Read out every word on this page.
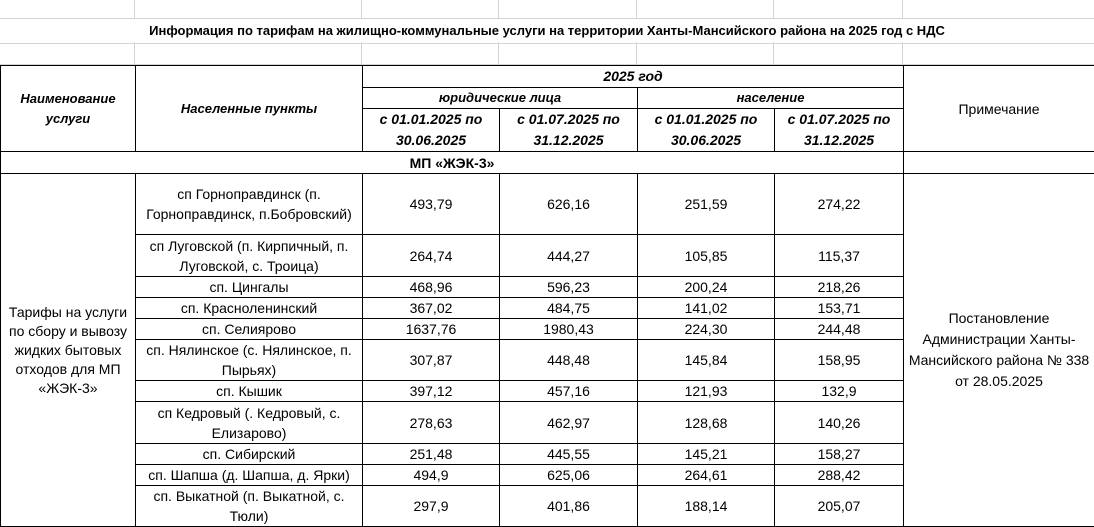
Информация по тарифам на жилищно-коммунальные услуги на территории Ханты-Мансийского района на 2025 год с НДС
Наименование услуги	Населенные пункты	2025 год				Примечание
		юридические лица		население		
		с 01.01.2025 по 30.06.2025	с 01.07.2025 по 31.12.2025	с 01.01.2025 по 30.06.2025	с 01.07.2025 по 31.12.2025	
МП «ЖЭК-3»						
Тарифы на услуги по сбору и вывозу жидких бытовых отходов для МП «ЖЭК-3»	сп Горноправдинск (п. Горноправдинск, п.Бобровский)	493,79	626,16	251,59	274,22	Постановление Администрации Ханты-Мансийского района № 338 от 28.05.2025
	сп Луговской (п. Кирпичный, п. Луговской, с. Троица)	264,74	444,27	105,85	115,37	
	сп. Цингалы	468,96	596,23	200,24	218,26	
	сп. Красноленинский	367,02	484,75	141,02	153,71	
	сп. Селиярово	1637,76	1980,43	224,30	244,48	
	сп. Нялинское (с. Нялинское, п. Пырьях)	307,87	448,48	145,84	158,95	
	сп. Кышик	397,12	457,16	121,93	132,9	
	сп Кедровый (. Кедровый, с. Елизарово)	278,63	462,97	128,68	140,26	
	сп. Сибирский	251,48	445,55	145,21	158,27	
	сп. Шапша (д. Шапша, д. Ярки)	494,9	625,06	264,61	288,42	
	сп. Выкатной (п. Выкатной, с. Тюли)	297,9	401,86	188,14	205,07	
